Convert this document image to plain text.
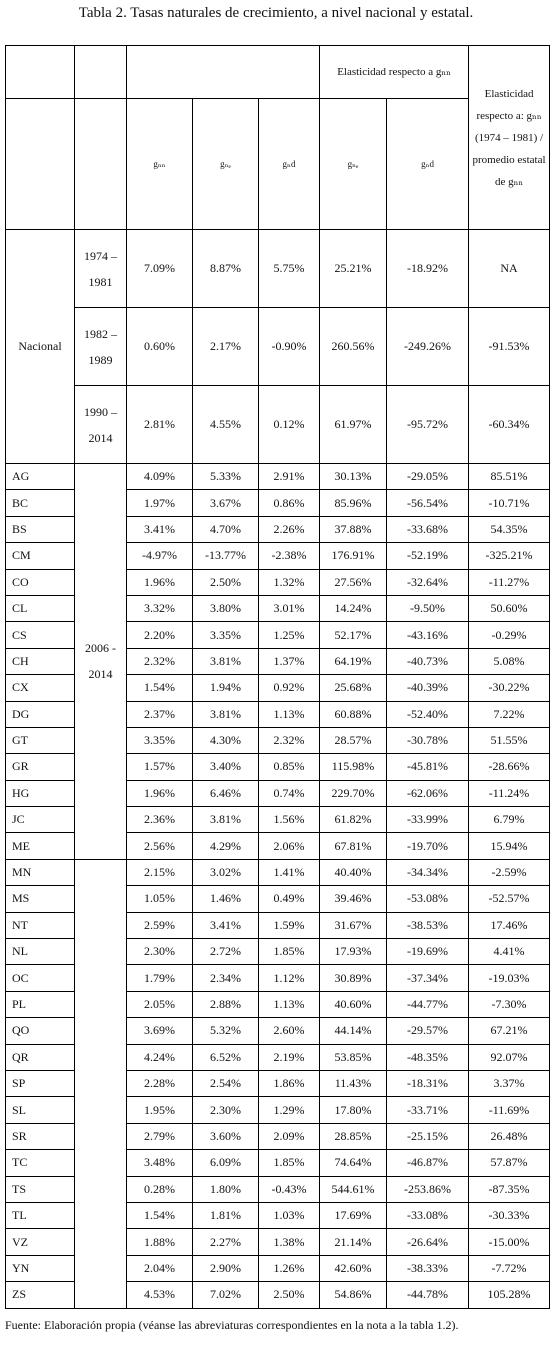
Tabla 2. Tasas naturales de crecimiento, a nivel nacional y estatal.
					Elasticidad respecto a gₙₙ		Elasticidad respecto a: gₙₙ (1974 – 1981) / promedio estatal de gₙₙ

		gₙₙ	gₙₑ	gₙd	gₙₑ	gₙd	
Nacional	1974 – 1981	7.09%	8.87%	5.75%	25.21%	-18.92%	NA
	1982 – 1989	0.60%	2.17%	-0.90%	260.56%	-249.26%	-91.53%
	1990 – 2014	2.81%	4.55%	0.12%	61.97%	-95.72%	-60.34%
AG	2006 - 2014	4.09%	5.33%	2.91%	30.13%	-29.05%	85.51%
BC		1.97%	3.67%	0.86%	85.96%	-56.54%	-10.71%
BS		3.41%	4.70%	2.26%	37.88%	-33.68%	54.35%
CM		-4.97%	-13.77%	-2.38%	176.91%	-52.19%	-325.21%
CO		1.96%	2.50%	1.32%	27.56%	-32.64%	-11.27%
CL		3.32%	3.80%	3.01%	14.24%	-9.50%	50.60%
CS		2.20%	3.35%	1.25%	52.17%	-43.16%	-0.29%
CH		2.32%	3.81%	1.37%	64.19%	-40.73%	5.08%
CX		1.54%	1.94%	0.92%	25.68%	-40.39%	-30.22%
DG		2.37%	3.81%	1.13%	60.88%	-52.40%	7.22%
GT		3.35%	4.30%	2.32%	28.57%	-30.78%	51.55%
GR		1.57%	3.40%	0.85%	115.98%	-45.81%	-28.66%
HG		1.96%	6.46%	0.74%	229.70%	-62.06%	-11.24%
JC		2.36%	3.81%	1.56%	61.82%	-33.99%	6.79%
ME		2.56%	4.29%	2.06%	67.81%	-19.70%	15.94%
MN		2.15%	3.02%	1.41%	40.40%	-34.34%	-2.59%
MS		1.05%	1.46%	0.49%	39.46%	-53.08%	-52.57%
NT		2.59%	3.41%	1.59%	31.67%	-38.53%	17.46%
NL		2.30%	2.72%	1.85%	17.93%	-19.69%	4.41%
OC		1.79%	2.34%	1.12%	30.89%	-37.34%	-19.03%
PL		2.05%	2.88%	1.13%	40.60%	-44.77%	-7.30%
QO		3.69%	5.32%	2.60%	44.14%	-29.57%	67.21%
QR		4.24%	6.52%	2.19%	53.85%	-48.35%	92.07%
SP		2.28%	2.54%	1.86%	11.43%	-18.31%	3.37%
SL		1.95%	2.30%	1.29%	17.80%	-33.71%	-11.69%
SR		2.79%	3.60%	2.09%	28.85%	-25.15%	26.48%
TC		3.48%	6.09%	1.85%	74.64%	-46.87%	57.87%
TS		0.28%	1.80%	-0.43%	544.61%	-253.86%	-87.35%
TL		1.54%	1.81%	1.03%	17.69%	-33.08%	-30.33%
VZ		1.88%	2.27%	1.38%	21.14%	-26.64%	-15.00%
YN		2.04%	2.90%	1.26%	42.60%	-38.33%	-7.72%
ZS		4.53%	7.02%	2.50%	54.86%	-44.78%	105.28%
Fuente: Elaboración propia (véanse las abreviaturas correspondientes en la nota a la tabla 1.2).
